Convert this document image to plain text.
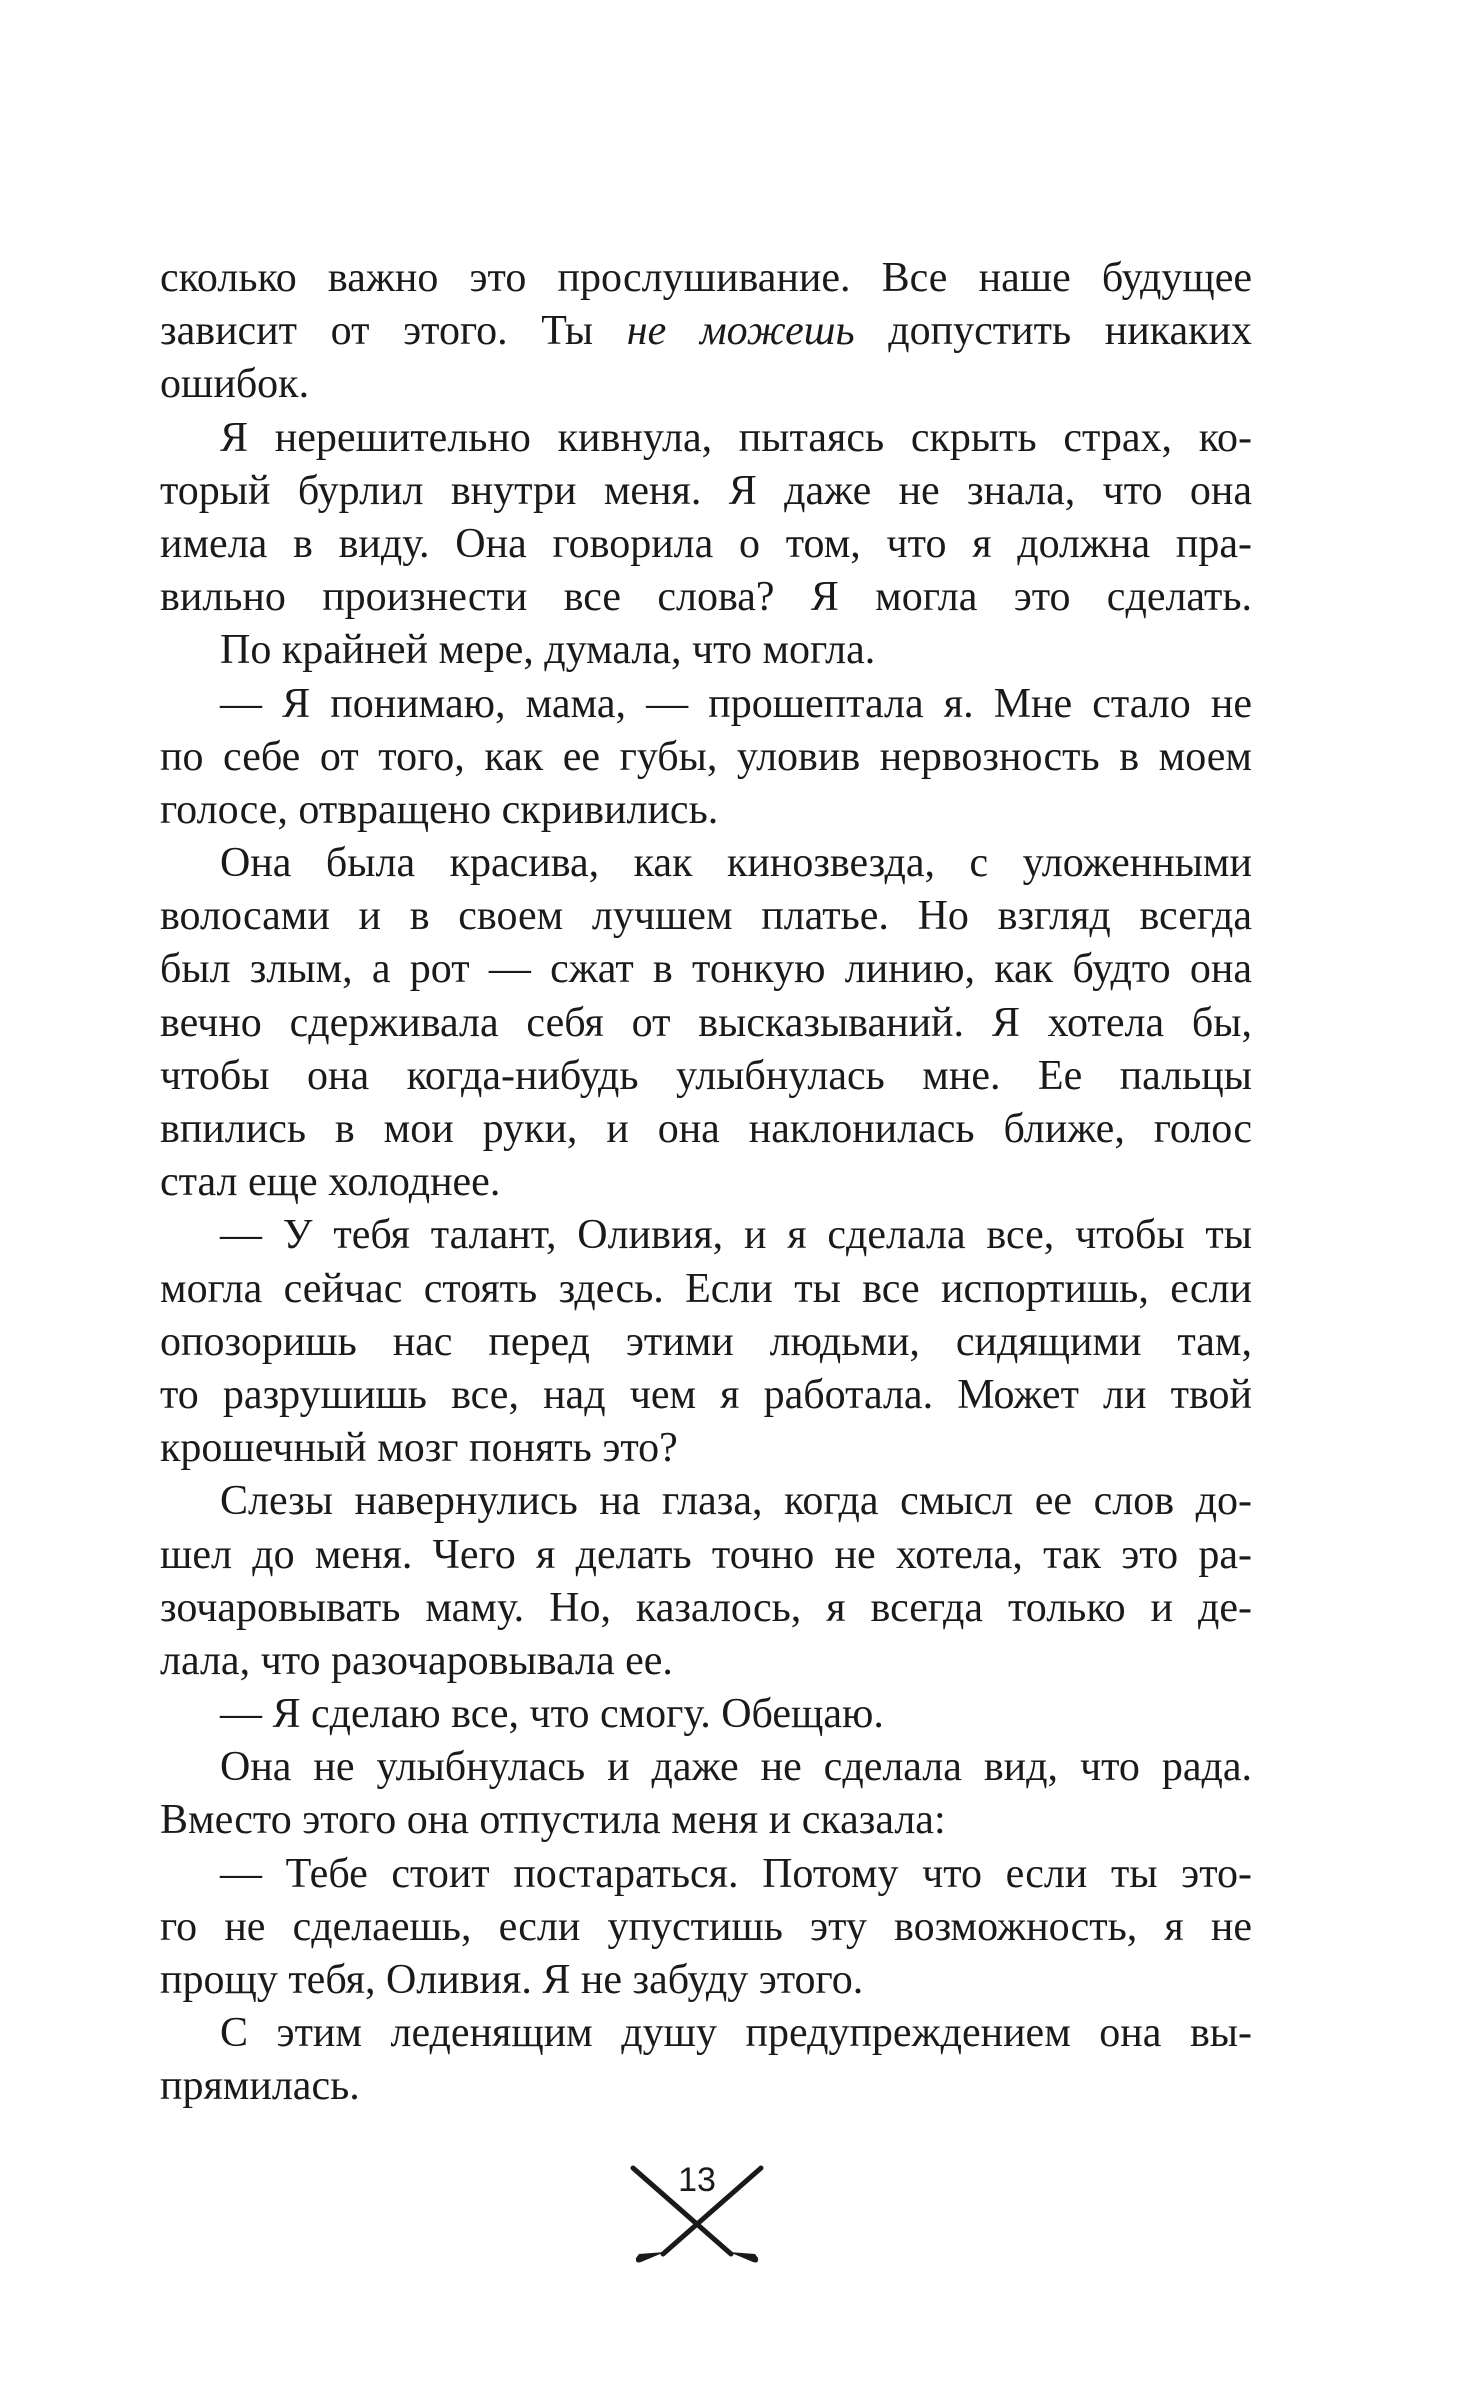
сколько важно это прослушивание. Все наше будущее
зависит от этого. Ты не можешь допустить никаких
ошибок.
Я нерешительно кивнула, пытаясь скрыть страх, ко-
торый бурлил внутри меня. Я даже не знала, что она
имела в виду. Она говорила о том, что я должна пра-
вильно произнести все слова? Я могла это сделать.
По крайней мере, думала, что могла.
— Я понимаю, мама, — прошептала я. Мне стало не
по себе от того, как ее губы, уловив нервозность в моем
голосе, отвращено скривились.
Она была красива, как кинозвезда, с уложенными
волосами и в своем лучшем платье. Но взгляд всегда
был злым, а рот — сжат в тонкую линию, как будто она
вечно сдерживала себя от высказываний. Я хотела бы,
чтобы она когда-нибудь улыбнулась мне. Ее пальцы
впились в мои руки, и она наклонилась ближе, голос
стал еще холоднее.
— У тебя талант, Оливия, и я сделала все, чтобы ты
могла сейчас стоять здесь. Если ты все испортишь, если
опозоришь нас перед этими людьми, сидящими там,
то разрушишь все, над чем я работала. Может ли твой
крошечный мозг понять это?
Слезы навернулись на глаза, когда смысл ее слов до-
шел до меня. Чего я делать точно не хотела, так это ра-
зочаровывать маму. Но, казалось, я всегда только и де-
лала, что разочаровывала ее.
— Я сделаю все, что смогу. Обещаю.
Она не улыбнулась и даже не сделала вид, что рада.
Вместо этого она отпустила меня и сказала:
— Тебе стоит постараться. Потому что если ты это-
го не сделаешь, если упустишь эту возможность, я не
прощу тебя, Оливия. Я не забуду этого.
С этим леденящим душу предупреждением она вы-
прямилась.
13
